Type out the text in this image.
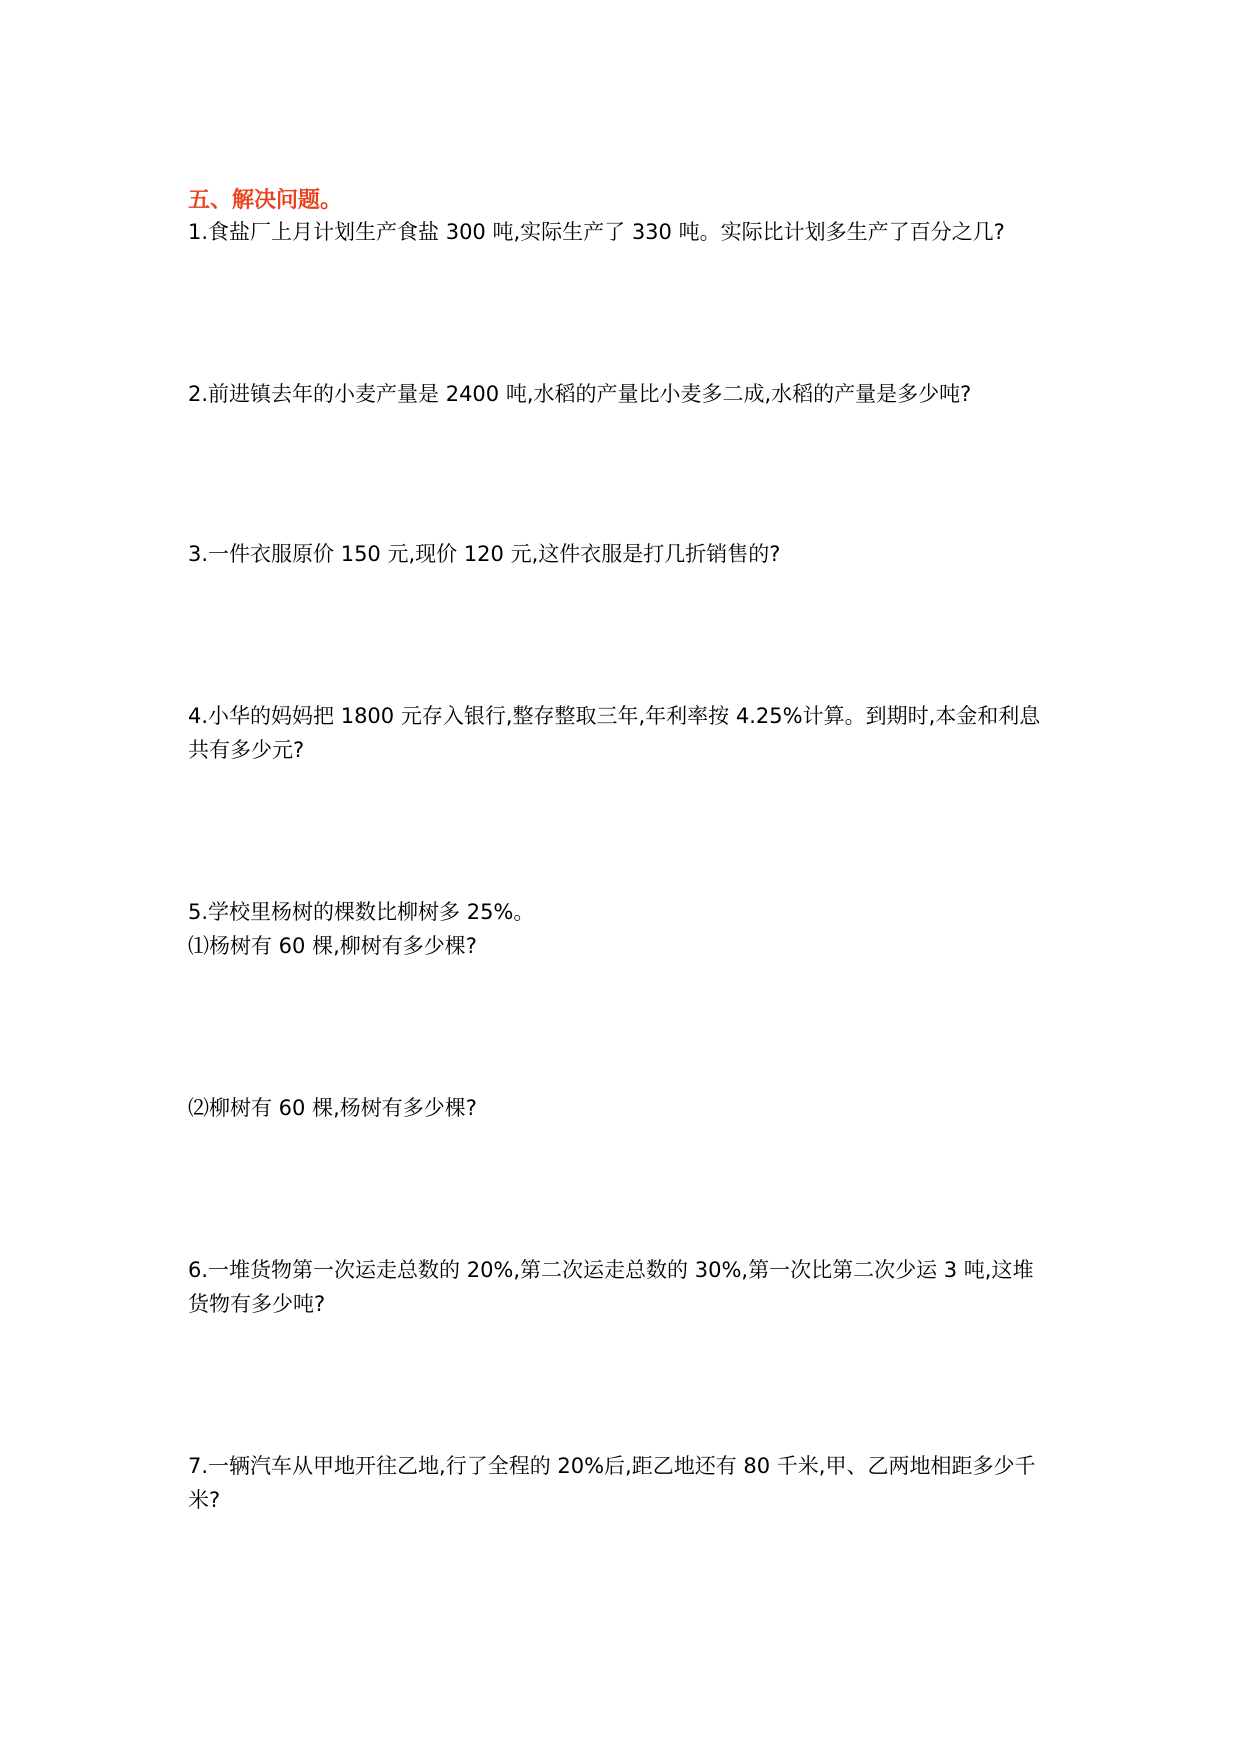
五、解决问题。
1.食盐厂上月计划生产食盐 300 吨,实际生产了 330 吨。实际比计划多生产了百分之几?
2.前进镇去年的小麦产量是 2400 吨,水稻的产量比小麦多二成,水稻的产量是多少吨?
3.一件衣服原价 150 元,现价 120 元,这件衣服是打几折销售的?
4.小华的妈妈把 1800 元存入银行,整存整取三年,年利率按 4.25%计算。到期时,本金和利息
共有多少元?
5.学校里杨树的棵数比柳树多 25%。
⑴杨树有 60 棵,柳树有多少棵?
⑵柳树有 60 棵,杨树有多少棵?
6.一堆货物第一次运走总数的 20%,第二次运走总数的 30%,第一次比第二次少运 3 吨,这堆
货物有多少吨?
7.一辆汽车从甲地开往乙地,行了全程的 20%后,距乙地还有 80 千米,甲、乙两地相距多少千
米?
